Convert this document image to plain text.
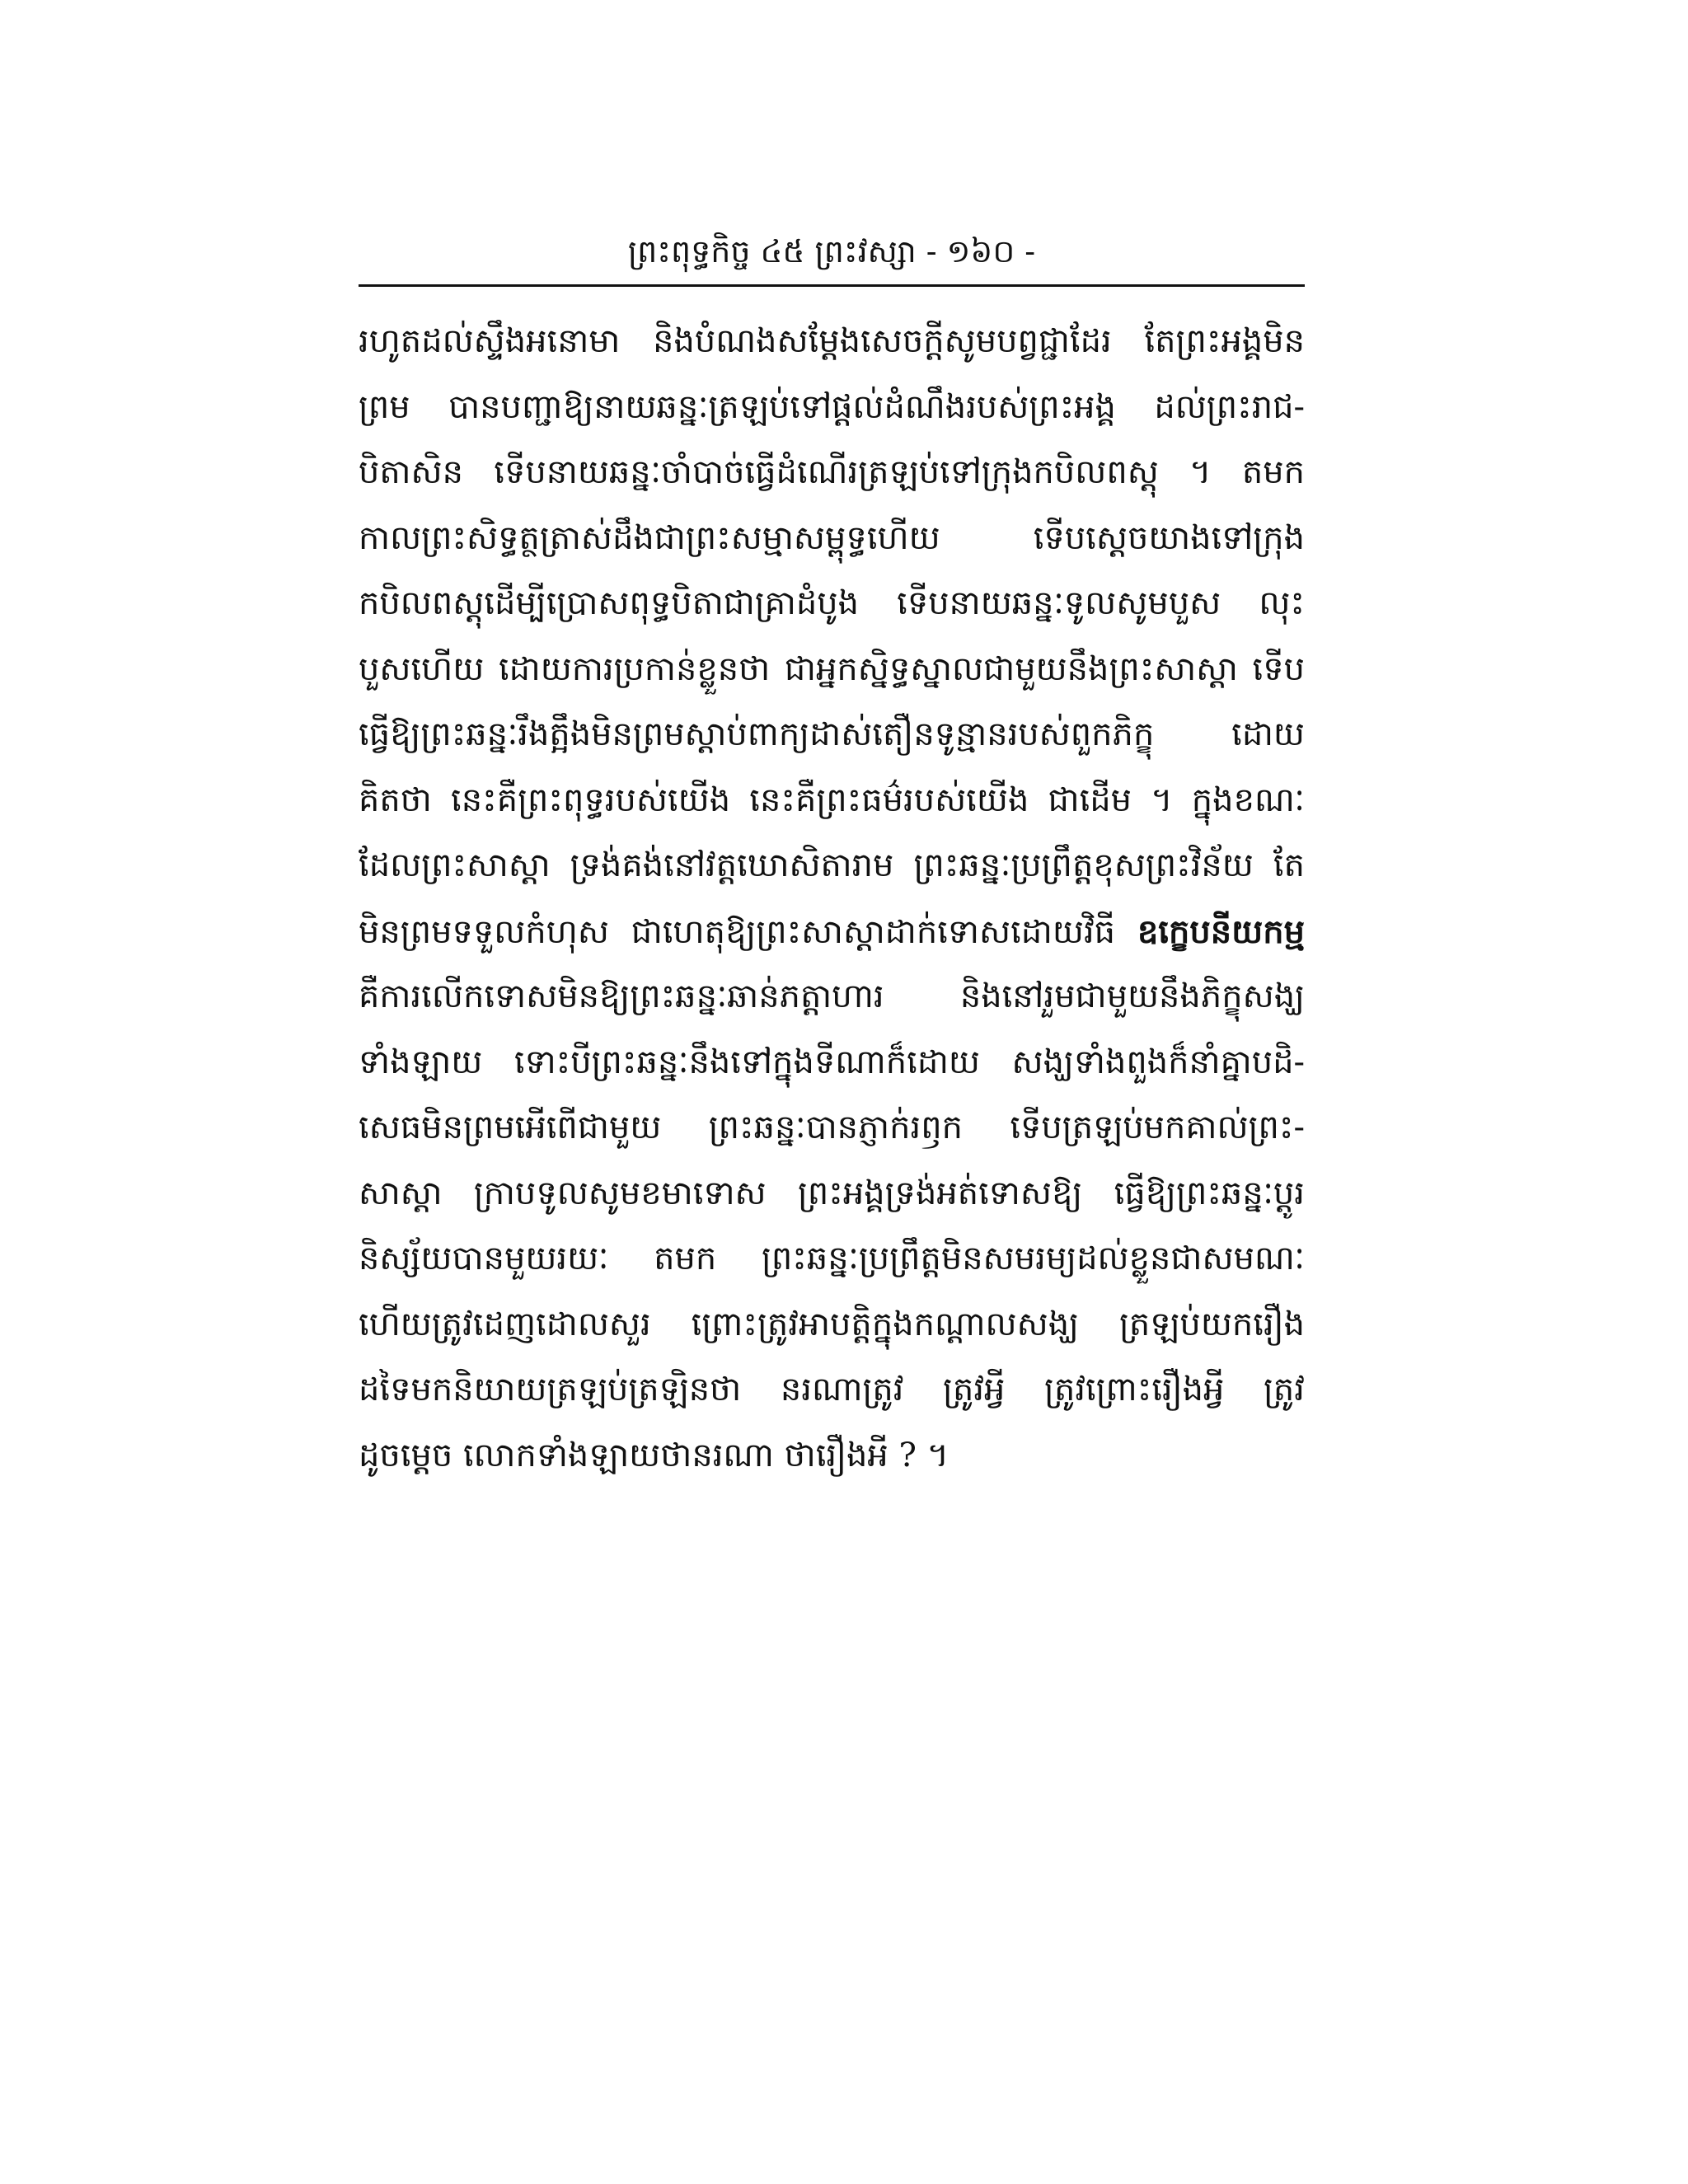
ព្រះពុទ្ធកិច្ច ៤៥ ព្រះវស្សា - ១៦០ -
រហូតដល់ស្ទឹងអនោមា និងបំណងសម្ដែងសេចក្ដីសូមបព្វជ្ជាដែរ តែព្រះអង្គមិន
ព្រម បានបញ្ជាឱ្យនាយឆន្នៈត្រឡប់ទៅផ្ដល់ដំណឹងរបស់ព្រះអង្គ ដល់ព្រះរាជ-
បិតាសិន ទើបនាយឆន្នៈចាំបាច់ធ្វើដំណើរត្រឡប់ទៅក្រុងកបិលពស្តុ ។ តមក
កាលព្រះសិទ្ធត្ថត្រាស់ដឹងជាព្រះសម្មាសម្ពុទ្ធហើយ ទើបស្ដេចយាងទៅក្រុង
កបិលពស្តុដើម្បីប្រោសពុទ្ធបិតាជាគ្រាដំបូង ទើបនាយឆន្នៈទូលសូមបួស លុះ
បួសហើយ ដោយការប្រកាន់ខ្លួនថា ជាអ្នកស្និទ្ធស្នាលជាមួយនឹងព្រះសាស្ដា ទើប
ធ្វើឱ្យព្រះឆន្នៈរឹងត្អឹងមិនព្រមស្ដាប់ពាក្យដាស់តឿនទូន្មានរបស់ពួកភិក្ខុ ដោយ
គិតថា នេះគឺព្រះពុទ្ធរបស់យើង នេះគឺព្រះធម៌របស់យើង ជាដើម ។ ក្នុងខណៈ
ដែលព្រះសាស្ដា ទ្រង់គង់នៅវត្តឃោសិតារាម ព្រះឆន្នៈប្រព្រឹត្តខុសព្រះវិន័យ តែ
មិនព្រមទទួលកំហុស ជាហេតុឱ្យព្រះសាស្ដាដាក់ទោសដោយវិធី ឧក្ខេបនីយកម្ម
គឺការលើកទោសមិនឱ្យព្រះឆន្នៈឆាន់ភត្តាហារ និងនៅរួមជាមួយនឹងភិក្ខុសង្ឃ
ទាំងឡាយ ទោះបីព្រះឆន្នៈនឹងទៅក្នុងទីណាក៏ដោយ សង្ឃទាំងពួងក៏នាំគ្នាបដិ-
សេធមិនព្រមអើពើជាមួយ ព្រះឆន្នៈបានភ្ញាក់រឭក ទើបត្រឡប់មកគាល់ព្រះ-
សាស្ដា ក្រាបទូលសូមខមាទោស ព្រះអង្គទ្រង់អត់ទោសឱ្យ ធ្វើឱ្យព្រះឆន្នៈប្ដូរ
និស្ស័យបានមួយរយៈ តមក ព្រះឆន្នៈប្រព្រឹត្តមិនសមរម្យដល់ខ្លួនជាសមណៈ
ហើយត្រូវដេញដោលសួរ ព្រោះត្រូវអាបត្តិក្នុងកណ្ដាលសង្ឃ ត្រឡប់យករឿង
ដទៃមកនិយាយត្រឡប់ត្រឡិនថា នរណាត្រូវ ត្រូវអ្វី ត្រូវព្រោះរឿងអ្វី ត្រូវ
ដូចម្ដេច លោកទាំងឡាយថានរណា ថារឿងអី ? ។
